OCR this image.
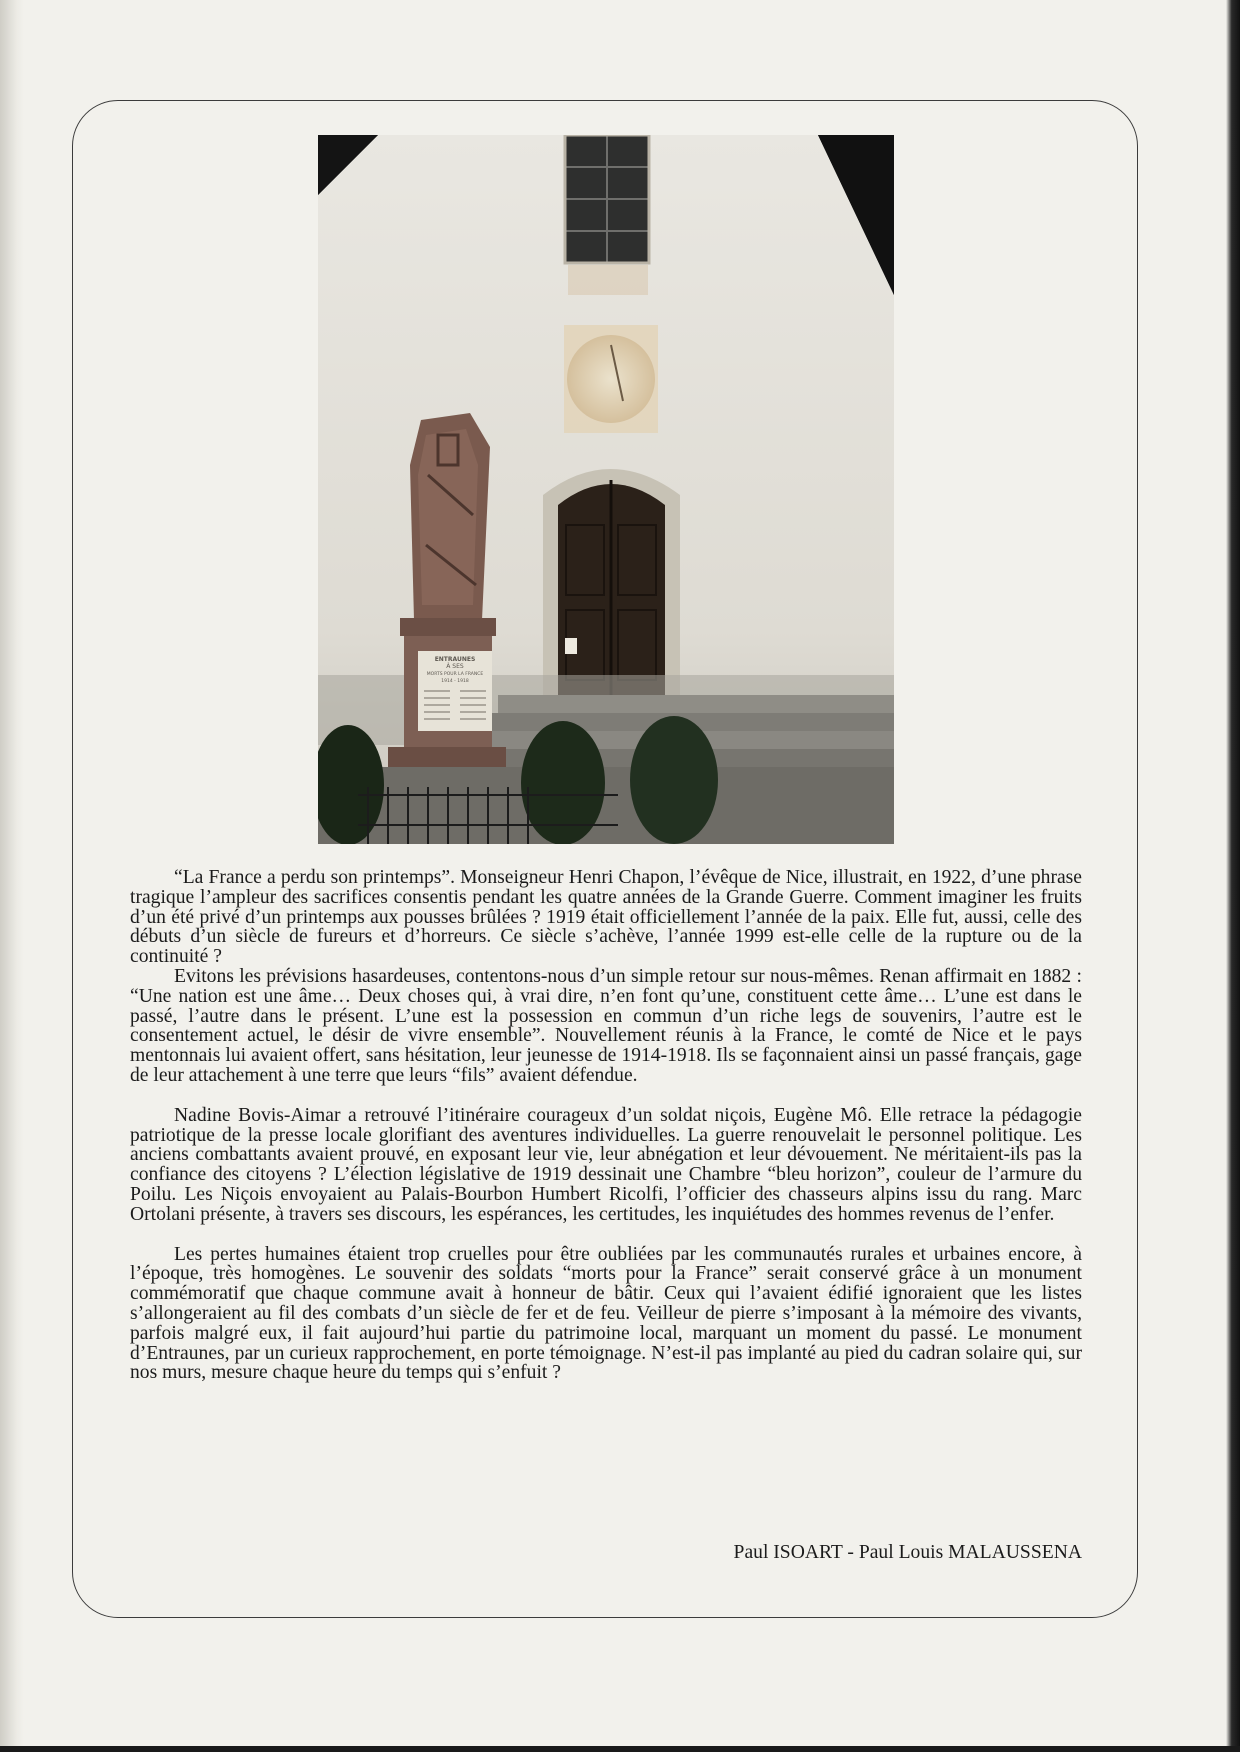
ENTRAUNES
À SES
MORTS POUR LA FRANCE
1914 - 1918

“La France a perdu son printemps”. Monseigneur Henri Chapon, l’évêque de Nice, illustrait, en 1922, d’une phrase tragique l’ampleur des sacrifices consentis pendant les quatre années de la Grande Guerre. Comment imaginer les fruits d’un été privé d’un printemps aux pousses brûlées ? 1919 était officiellement l’année de la paix. Elle fut, aussi, celle des débuts d’un siècle de fureurs et d’horreurs. Ce siècle s’achève, l’année 1999 est-elle celle de la rupture ou de la continuité ?

Evitons les prévisions hasardeuses, contentons-nous d’un simple retour sur nous-mêmes. Renan affirmait en 1882 : “Une nation est une âme… Deux choses qui, à vrai dire, n’en font qu’une, constituent cette âme… L’une est dans le passé, l’autre dans le présent. L’une est la possession en commun d’un riche legs de souvenirs, l’autre est le consentement actuel, le désir de vivre ensemble”. Nouvellement réunis à la France, le comté de Nice et le pays mentonnais lui avaient offert, sans hésitation, leur jeunesse de 1914-1918. Ils se façonnaient ainsi un passé français, gage de leur attachement à une terre que leurs “fils” avaient défendue.

Nadine Bovis-Aimar a retrouvé l’itinéraire courageux d’un soldat niçois, Eugène Mô. Elle retrace la pédagogie patriotique de la presse locale glorifiant des aventures individuelles. La guerre renouvelait le personnel politique. Les anciens combattants avaient prouvé, en exposant leur vie, leur abnégation et leur dévouement. Ne méritaient-ils pas la confiance des citoyens ? L’élection législative de 1919 dessinait une Chambre “bleu horizon”, couleur de l’armure du Poilu. Les Niçois envoyaient au Palais-Bourbon Humbert Ricolfi, l’officier des chasseurs alpins issu du rang. Marc Ortolani présente, à travers ses discours, les espérances, les certitudes, les inquiétudes des hommes revenus de l’enfer.

Les pertes humaines étaient trop cruelles pour être oubliées par les communautés rurales et urbaines encore, à l’époque, très homogènes. Le souvenir des soldats “morts pour la France” serait conservé grâce à un monument commémoratif que chaque commune avait à honneur de bâtir. Ceux qui l’avaient édifié ignoraient que les listes s’allongeraient au fil des combats d’un siècle de fer et de feu. Veilleur de pierre s’imposant à la mémoire des vivants, parfois malgré eux, il fait aujourd’hui partie du patrimoine local, marquant un moment du passé. Le monument d’Entraunes, par un curieux rapprochement, en porte témoignage. N’est-il pas implanté au pied du cadran solaire qui, sur nos murs, mesure chaque heure du temps qui s’enfuit ?

Paul ISOART - Paul Louis MALAUSSENA
